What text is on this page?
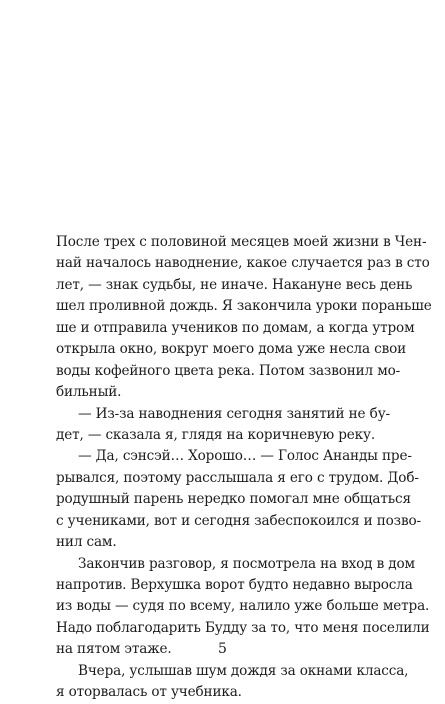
После трех с половиной месяцев моей жизни в Чен-
най началось наводнение, какое случается раз в сто
лет, — знак судьбы, не иначе. Накануне весь день
шел проливной дождь. Я закончила уроки пораньше
ше и отправила учеников по домам, а когда утром
открыла окно, вокруг моего дома уже несла свои
воды кофейного цвета река. Потом зазвонил мо-
бильный.
— Из-за наводнения сегодня занятий не бу-
дет, — сказала я, глядя на коричневую реку.
— Да, сэнсэй… Хорошо… — Голос Ананды пре-
рывался, поэтому расслышала я его с трудом. Доб-
родушный парень нередко помогал мне общаться
с учениками, вот и сегодня забеспокоился и позво-
нил сам.
Закончив разговор, я посмотрела на вход в дом
напротив. Верхушка ворот будто недавно выросла
из воды — судя по всему, налило уже больше метра.
Надо поблагодарить Будду за то, что меня поселили
на пятом этаже.
Вчера, услышав шум дождя за окнами класса,
я оторвалась от учебника.
5
